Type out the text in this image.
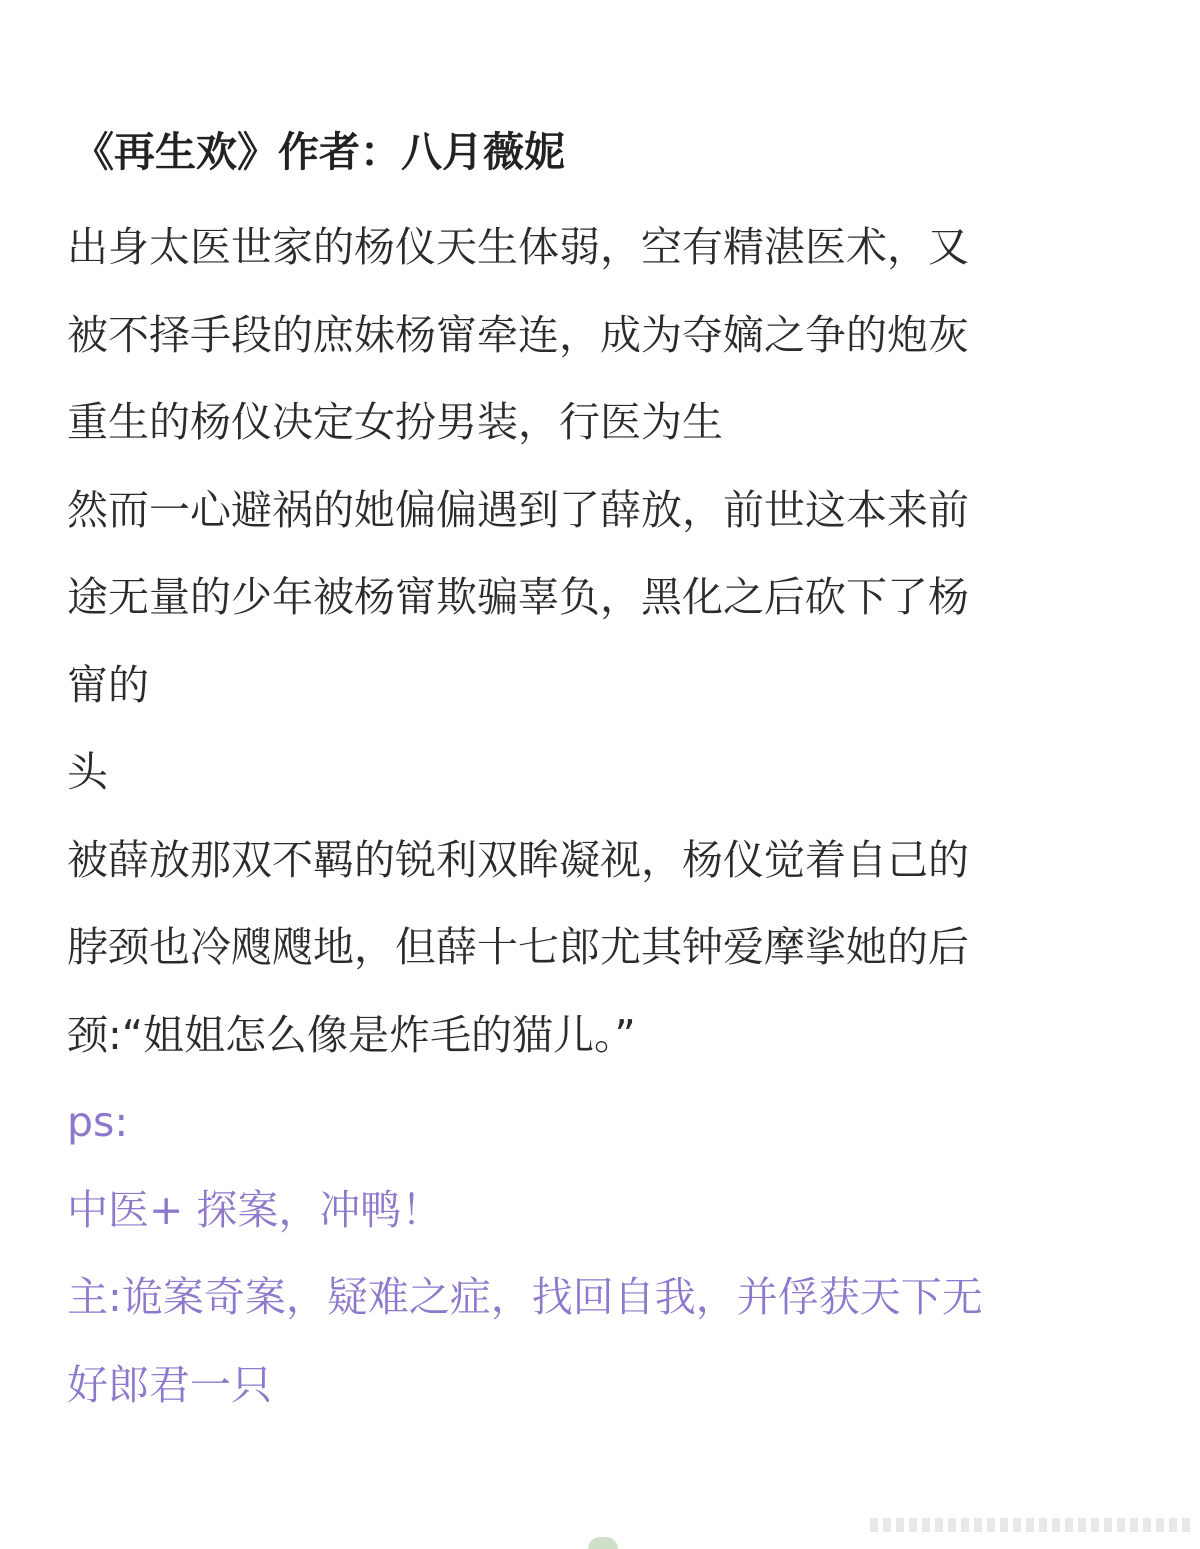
《再生欢》作者：八月薇妮
出身太医世家的杨仪天生体弱，空有精湛医术，又
被不择手段的庶妹杨甯牵连，成为夺嫡之争的炮灰
重生的杨仪决定女扮男装，行医为生
然而一心避祸的她偏偏遇到了薛放，前世这本来前
途无量的少年被杨甯欺骗辜负，黑化之后砍下了杨
甯的
头
被薛放那双不羁的锐利双眸凝视，杨仪觉着自己的
脖颈也冷飕飕地，但薛十七郎尤其钟爱摩挲她的后
颈:“姐姐怎么像是炸毛的猫儿。”
ps:
中医+ 探案，冲鸭！
主:诡案奇案，疑难之症，找回自我，并俘获天下无
好郎君一只
